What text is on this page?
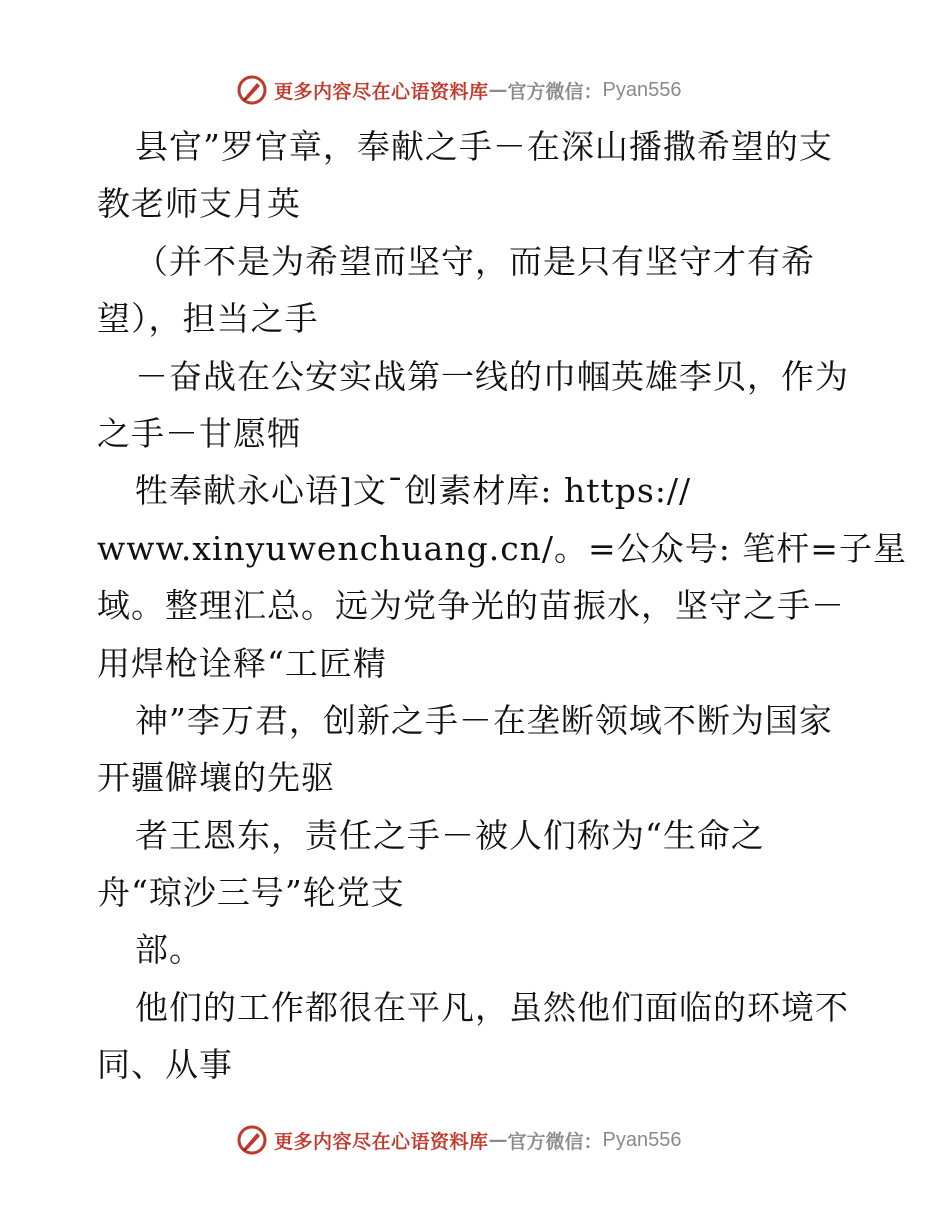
更多内容尽在心语资料库 — 官方微信： Pyan556
县官”罗官章，奉献之手－在深山播撒希望的支
教老师支月英
（并不是为希望而坚守，而是只有坚守才有希
望），担当之手
－奋战在公安实战第一线的巾帼英雄李贝，作为
之手－甘愿牺
牲奉献永心语]文¯创素材库: https://
www.xinyuwenchuang.cn/。=公众号: 笔杆=子星
域。整理汇总。远为党争光的苗振水，坚守之手－
用焊枪诠释“工匠精
神”李万君，创新之手－在垄断领域不断为国家
开疆僻壤的先驱
者王恩东，责任之手－被人们称为“生命之
舟“琼沙三号”轮党支
部。
他们的工作都很在平凡，虽然他们面临的环境不
同、从事
更多内容尽在心语资料库 — 官方微信： Pyan556
